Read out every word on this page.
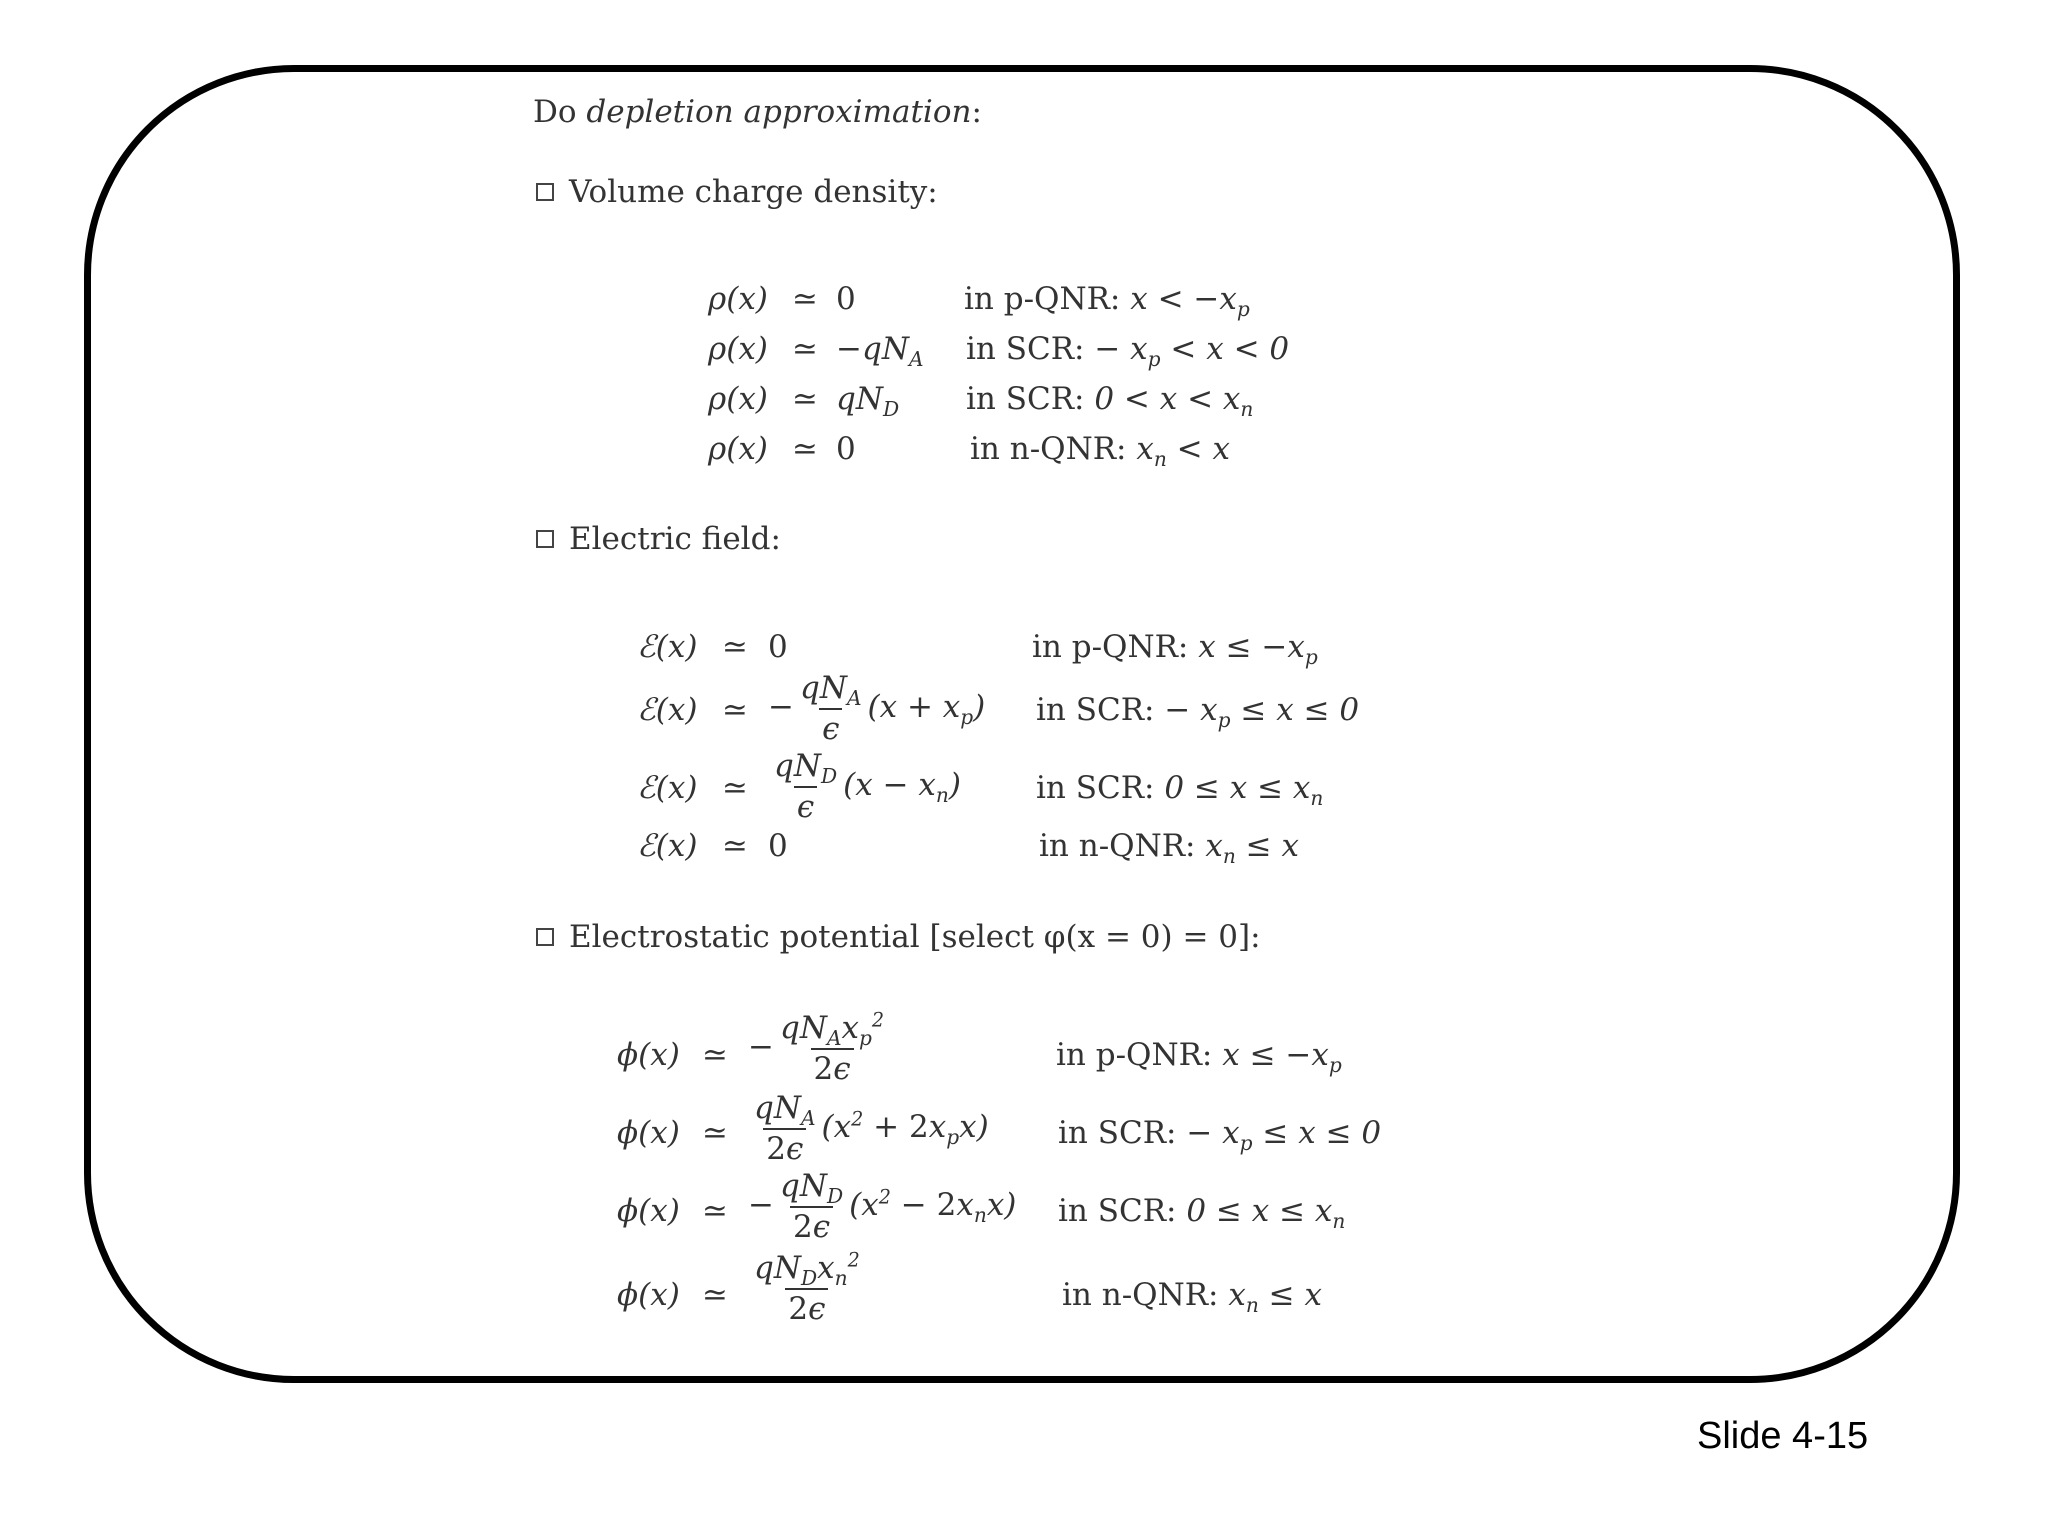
Do depletion approximation:
Volume charge density:
ρ(x) ≃ 0	in p-QNR: $x < -x_p$
ρ(x) ≃ $-qN_A$ in SCR: − $x_p < x < 0$
ρ(x) ≃ $qN_D$ in SCR: $0 < x < x_n$
ρ(x) ≃ 0	in n-QNR: $x_n < x$
Electric field:
ℰ(x) ≃ 0	in p-QNR: $x \le -x_p$
ℰ(x) ≃ − $\frac{qN_A}{\epsilon} (x + x_p)$ in SCR: − $x_p \le x \le 0$
ℰ(x) ≃ $\frac{qN_D}{\epsilon} (x - x_n)$ in SCR: $0 \le x \le x_n$
ℰ(x) ≃ 0	in n-QNR: $x_n \le x$
Electrostatic potential [select φ(x = 0) = 0]:
ϕ(x) ≃ − $\frac{qN_Ax_p^2}{2\epsilon}$	in p-QNR: $x \le -x_p$
ϕ(x) ≃ $\frac{qN_A}{2\epsilon} (x^2 + 2x_px)$ in SCR: − $x_p \le x \le 0$
ϕ(x) ≃ − $\frac{qN_D}{2\epsilon} (x^2 - 2x_nx)$ in SCR: $0 \le x \le x_n$
ϕ(x) ≃ $\frac{qN_Dx_n^2}{2\epsilon}$	in n-QNR: $x_n \le x$
Slide 4-15
